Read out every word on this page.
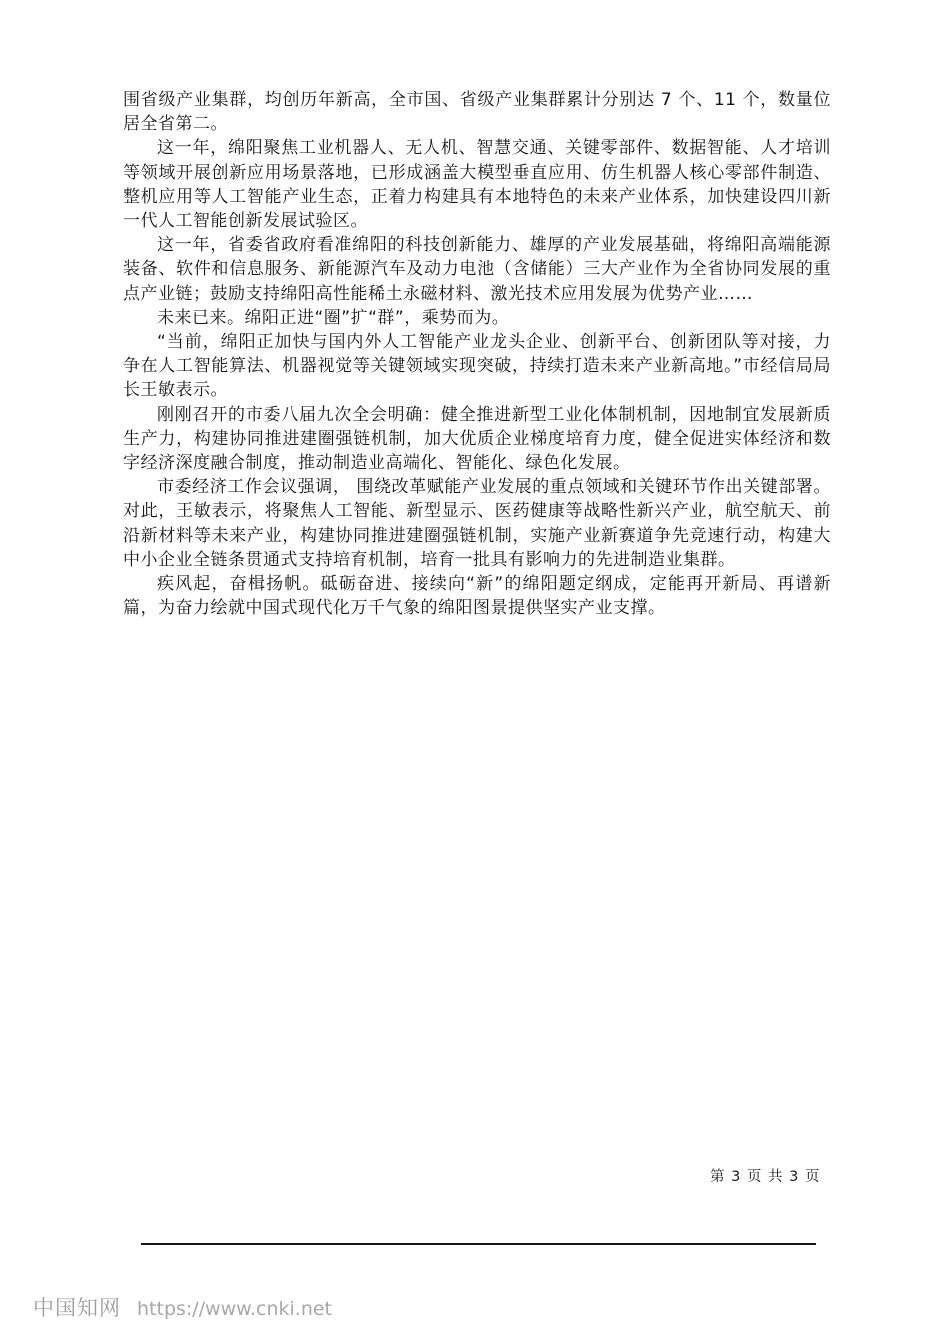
围省级产业集群，均创历年新高，全市国、省级产业集群累计分别达 7 个、11 个，数量位居全省第二。

这一年，绵阳聚焦工业机器人、无人机、智慧交通、关键零部件、数据智能、人才培训等领域开展创新应用场景落地，已形成涵盖大模型垂直应用、仿生机器人核心零部件制造、整机应用等人工智能产业生态，正着力构建具有本地特色的未来产业体系，加快建设四川新一代人工智能创新发展试验区。

这一年，省委省政府看准绵阳的科技创新能力、雄厚的产业发展基础，将绵阳高端能源装备、软件和信息服务、新能源汽车及动力电池（含储能）三大产业作为全省协同发展的重点产业链；鼓励支持绵阳高性能稀土永磁材料、激光技术应用发展为优势产业……

未来已来。绵阳正进“圈”扩“群”，乘势而为。

“当前，绵阳正加快与国内外人工智能产业龙头企业、创新平台、创新团队等对接，力争在人工智能算法、机器视觉等关键领域实现突破，持续打造未来产业新高地。”市经信局局长王敏表示。

刚刚召开的市委八届九次全会明确：健全推进新型工业化体制机制，因地制宜发展新质生产力，构建协同推进建圈强链机制，加大优质企业梯度培育力度，健全促进实体经济和数字经济深度融合制度，推动制造业高端化、智能化、绿色化发展。

市委经济工作会议强调， 围绕改革赋能产业发展的重点领域和关键环节作出关键部署。 对此，王敏表示，将聚焦人工智能、新型显示、医药健康等战略性新兴产业，航空航天、前沿新材料等未来产业，构建协同推进建圈强链机制，实施产业新赛道争先竞速行动，构建大中小企业全链条贯通式支持培育机制，培育一批具有影响力的先进制造业集群。

疾风起，奋楫扬帆。砥砺奋进、接续向“新”的绵阳题定纲成，定能再开新局、再谱新篇，为奋力绘就中国式现代化万千气象的绵阳图景提供坚实产业支撑。

第 3 页 共 3 页
中国知网 https://www.cnki.net
